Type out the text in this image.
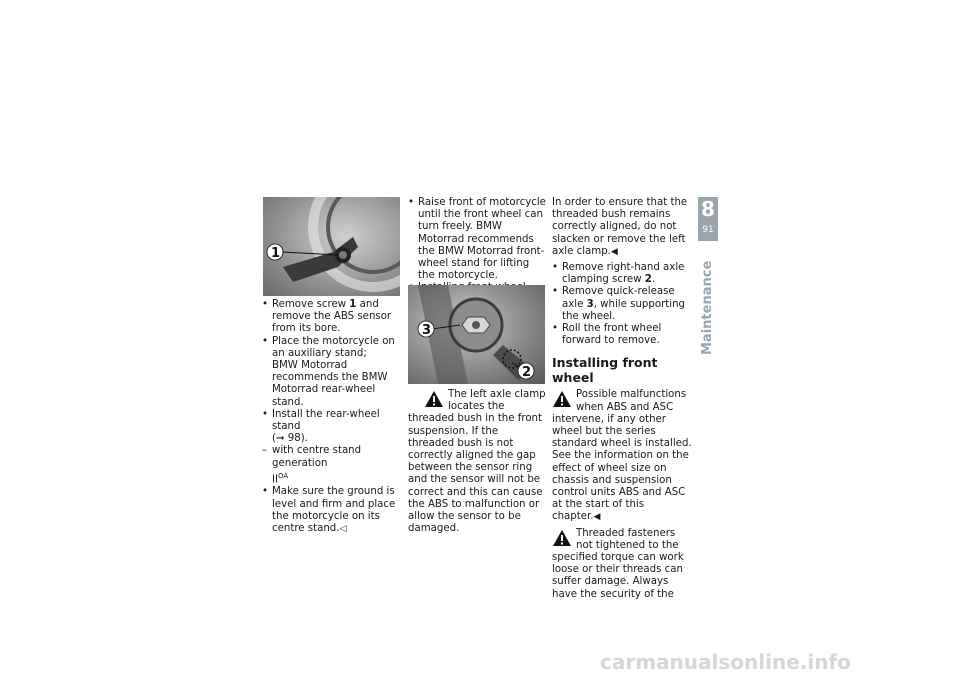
1

• Remove screw 1 and remove the ABS sensor from its bore.

• Place the motorcycle on an auxiliary stand;
BMW Motorrad recommends the BMW Motorrad rear-wheel stand.

• Install the rear-wheel stand
(➞ 98).

– with centre stand generation
$II^{OA}$

• Make sure the ground is level and firm and place the motorcycle on its centre stand.◁

• Raise front of motorcycle until the front wheel can turn freely. BMW Motorrad recommends the BMW Motorrad front-wheel stand for lifting the motorcycle.

•

3
2

The left axle clamp locates the threaded bush in the front suspension. If the threaded bush is not correctly aligned the gap between the sensor ring and the sensor will not be correct and this can cause the ABS to malfunction or allow the sensor to be damaged.

In order to ensure that the threaded bush remains correctly aligned, do not slacken or remove the left axle clamp.◀

• Remove right-hand axle clamping screw 2.

• Remove quick-release axle 3, while supporting the wheel.

• Roll the front wheel forward to remove.

Installing front wheel

Possible malfunctions when ABS and ASC intervene, if any other wheel but the series standard wheel is installed.
See the information on the effect of wheel size on chassis and suspension control units ABS and ASC at the start of this chapter.◀

Threaded fasteners not tightened to the specified torque can work loose or their threads can suffer damage. Always have the security of the

8
91
Maintenance
carmanualsonline.info
